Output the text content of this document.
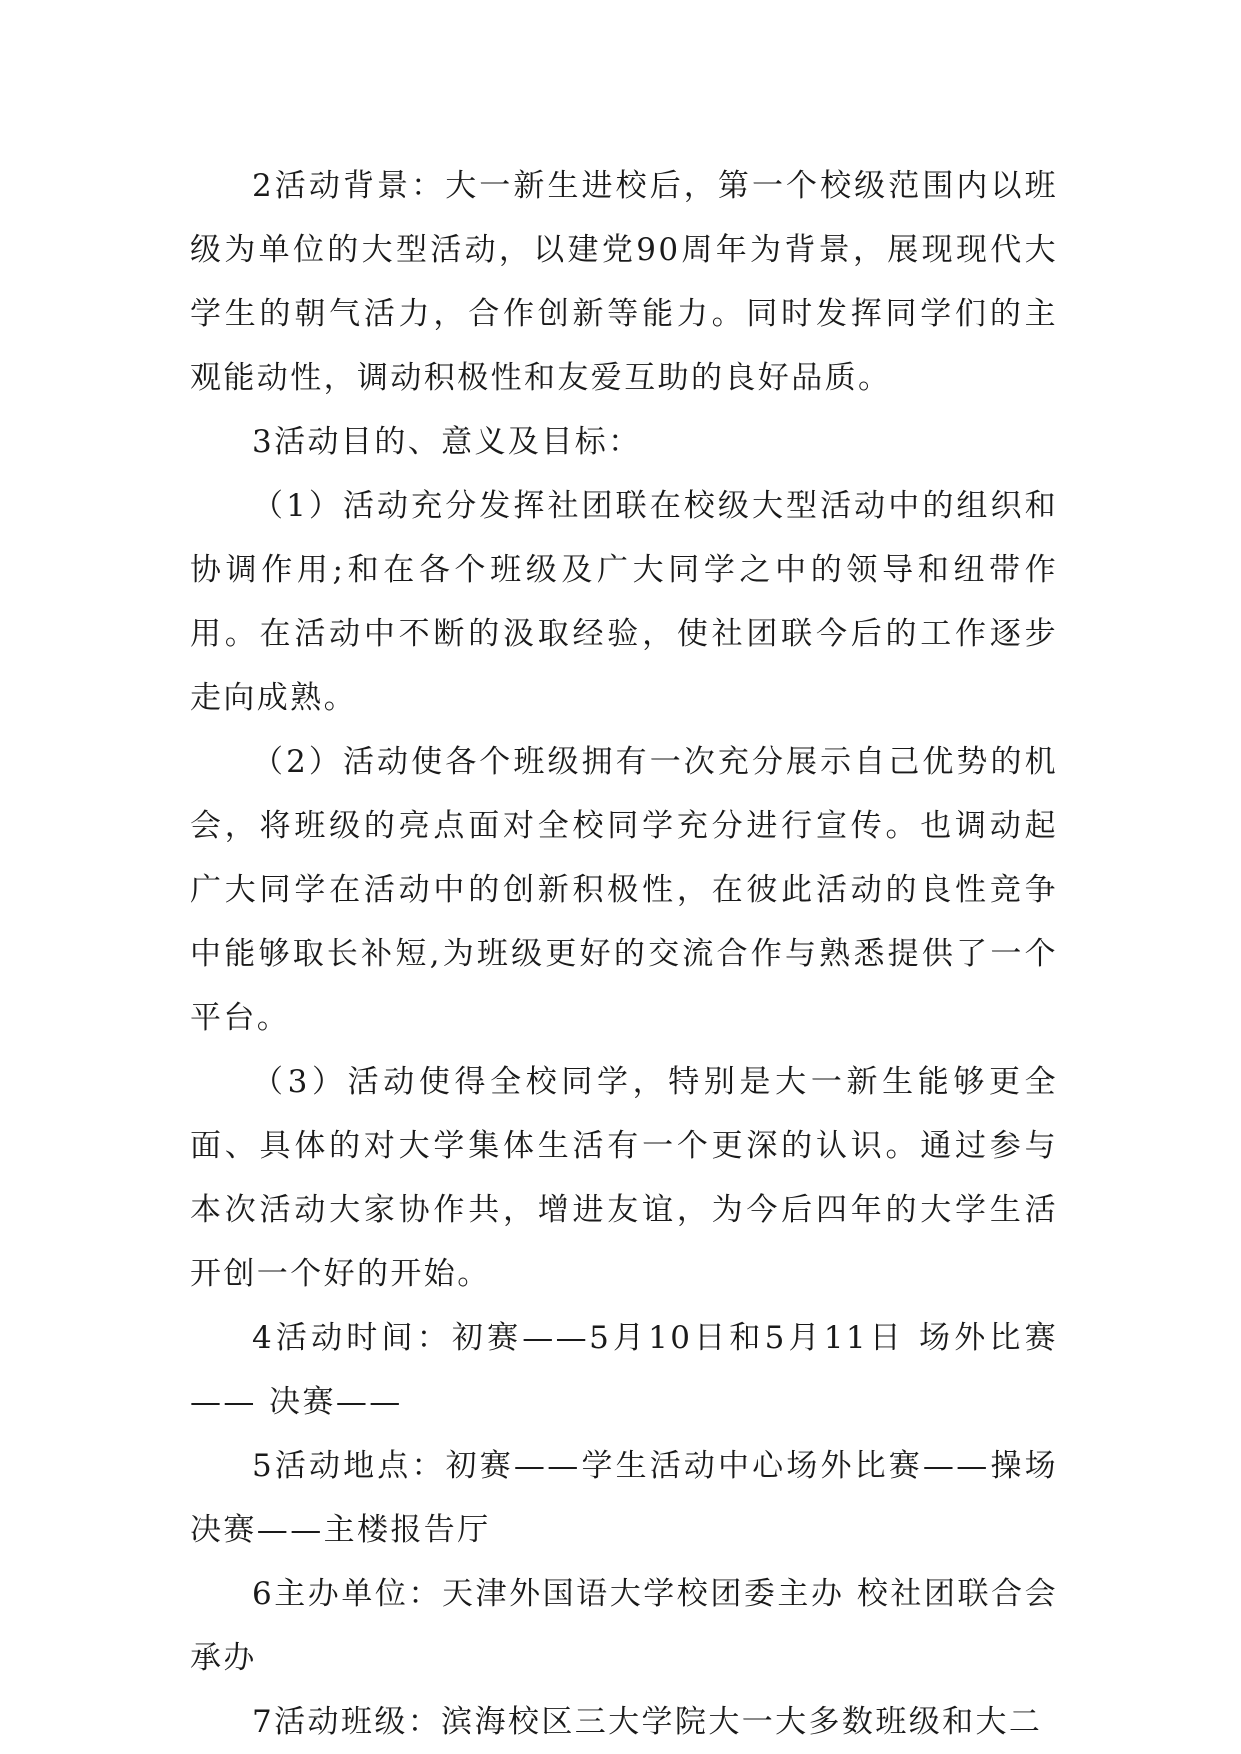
2活动背景：大一新生进校后，第一个校级范围内以班级为单位的大型活动，以建党90周年为背景，展现现代大学生的朝气活力，合作创新等能力。同时发挥同学们的主观能动性，调动积极性和友爱互助的良好品质。

3活动目的、意义及目标：

（1）活动充分发挥社团联在校级大型活动中的组织和协调作用;和在各个班级及广大同学之中的领导和纽带作用。在活动中不断的汲取经验，使社团联今后的工作逐步走向成熟。

（2）活动使各个班级拥有一次充分展示自己优势的机会，将班级的亮点面对全校同学充分进行宣传。也调动起广大同学在活动中的创新积极性，在彼此活动的良性竞争中能够取长补短,为班级更好的交流合作与熟悉提供了一个平台。

（3）活动使得全校同学，特别是大一新生能够更全面、具体的对大学集体生活有一个更深的认识。通过参与本次活动大家协作共，增进友谊，为今后四年的大学生活开创一个好的开始。

4活动时间：初赛——5月10日和5月11日 场外比赛—— 决赛——

5活动地点：初赛——学生活动中心场外比赛——操场决赛——主楼报告厅

6主办单位：天津外国语大学校团委主办 校社团联合会承办

7活动班级：滨海校区三大学院大一大多数班级和大二
